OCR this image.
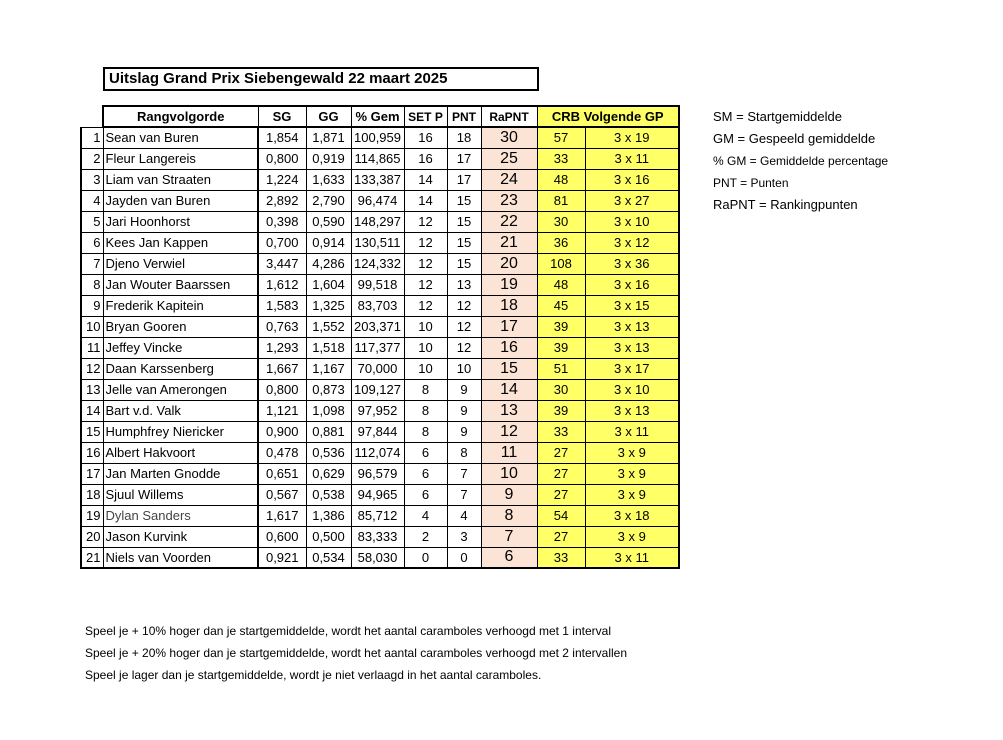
Uitslag Grand Prix Siebengewald 22 maart 2025
	Rangvolgorde	SG	GG	% Gem	SET P	PNT	RaPNT	CRB Volgende GP	
1	Sean van Buren	1,854	1,871	100,959	16	18	30	57	3 x 19
2	Fleur Langereis	0,800	0,919	114,865	16	17	25	33	3 x 11
3	Liam van Straaten	1,224	1,633	133,387	14	17	24	48	3 x 16
4	Jayden van Buren	2,892	2,790	96,474	14	15	23	81	3 x 27
5	Jari Hoonhorst	0,398	0,590	148,297	12	15	22	30	3 x 10
6	Kees Jan Kappen	0,700	0,914	130,511	12	15	21	36	3 x 12
7	Djeno Verwiel	3,447	4,286	124,332	12	15	20	108	3 x 36
8	Jan Wouter Baarssen	1,612	1,604	99,518	12	13	19	48	3 x 16
9	Frederik Kapitein	1,583	1,325	83,703	12	12	18	45	3 x 15
10	Bryan Gooren	0,763	1,552	203,371	10	12	17	39	3 x 13
11	Jeffey Vincke	1,293	1,518	117,377	10	12	16	39	3 x 13
12	Daan Karssenberg	1,667	1,167	70,000	10	10	15	51	3 x 17
13	Jelle van Amerongen	0,800	0,873	109,127	8	9	14	30	3 x 10
14	Bart v.d. Valk	1,121	1,098	97,952	8	9	13	39	3 x 13
15	Humphfrey Niericker	0,900	0,881	97,844	8	9	12	33	3 x 11
16	Albert Hakvoort	0,478	0,536	112,074	6	8	11	27	3 x 9
17	Jan Marten Gnodde	0,651	0,629	96,579	6	7	10	27	3 x 9
18	Sjuul Willems	0,567	0,538	94,965	6	7	9	27	3 x 9
19	Dylan Sanders	1,617	1,386	85,712	4	4	8	54	3 x 18
20	Jason Kurvink	0,600	0,500	83,333	2	3	7	27	3 x 9
21	Niels van Voorden	0,921	0,534	58,030	0	0	6	33	3 x 11
SM = Startgemiddelde
GM = Gespeeld gemiddelde
% GM = Gemiddelde percentage
PNT = Punten
RaPNT = Rankingpunten
Speel je + 10% hoger dan je startgemiddelde, wordt het aantal caramboles verhoogd met 1 interval
Speel je + 20% hoger dan je startgemiddelde, wordt het aantal caramboles verhoogd met 2 intervallen
Speel je lager dan je startgemiddelde, wordt je niet verlaagd in het aantal caramboles.
